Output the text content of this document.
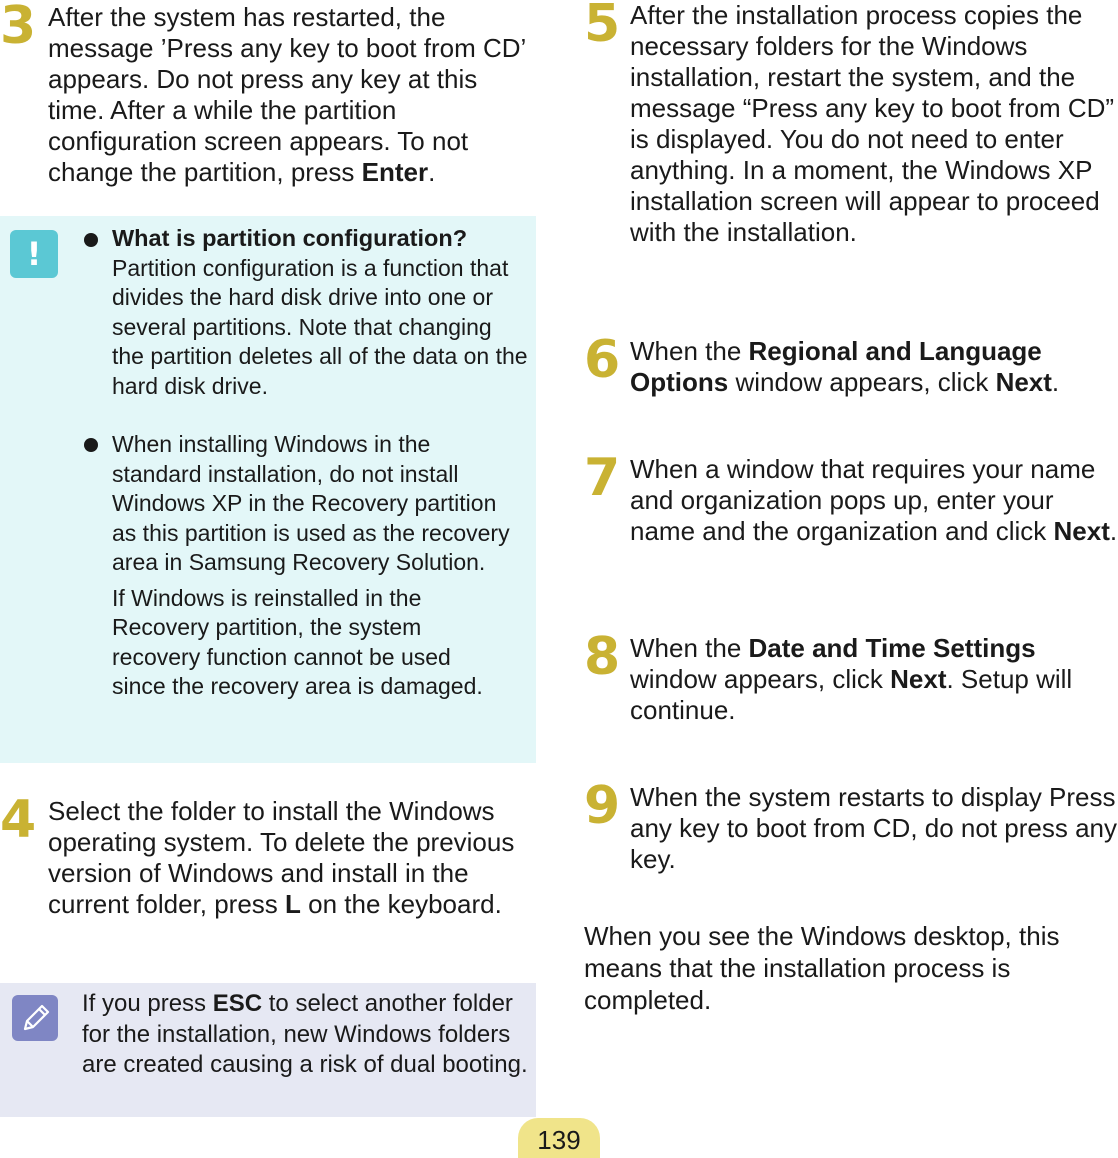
3 After the system has restarted, the message ’Press any key to boot from CD’ appears. Do not press any key at this time. After a while the partition configuration screen appears. To not change the partition, press Enter.
!	What is partition configuration?
Partition configuration is a function that divides the hard disk drive into one or several partitions. Note that changing the partition deletes all of the data on the hard disk drive.
When installing Windows in the standard installation, do not install Windows XP in the Recovery partition as this partition is used as the recovery area in Samsung Recovery Solution.
If Windows is reinstalled in the Recovery partition, the system recovery function cannot be used since the recovery area is damaged.
4 Select the folder to install the Windows operating system. To delete the previous version of Windows and install in the current folder, press L on the keyboard.
If you press ESC to select another folder for the installation, new Windows folders are created causing a risk of dual booting.
5 After the installation process copies the necessary folders for the Windows installation, restart the system, and the message “Press any key to boot from CD” is displayed. You do not need to enter anything. In a moment, the Windows XP installation screen will appear to proceed with the installation.
6 When the Regional and Language Options window appears, click Next.
7 When a window that requires your name and organization pops up, enter your name and the organization and click Next.
8 When the Date and Time Settings window appears, click Next. Setup will continue.
9 When the system restarts to display Press any key to boot from CD, do not press any key.
When you see the Windows desktop, this means that the installation process is completed.
139
